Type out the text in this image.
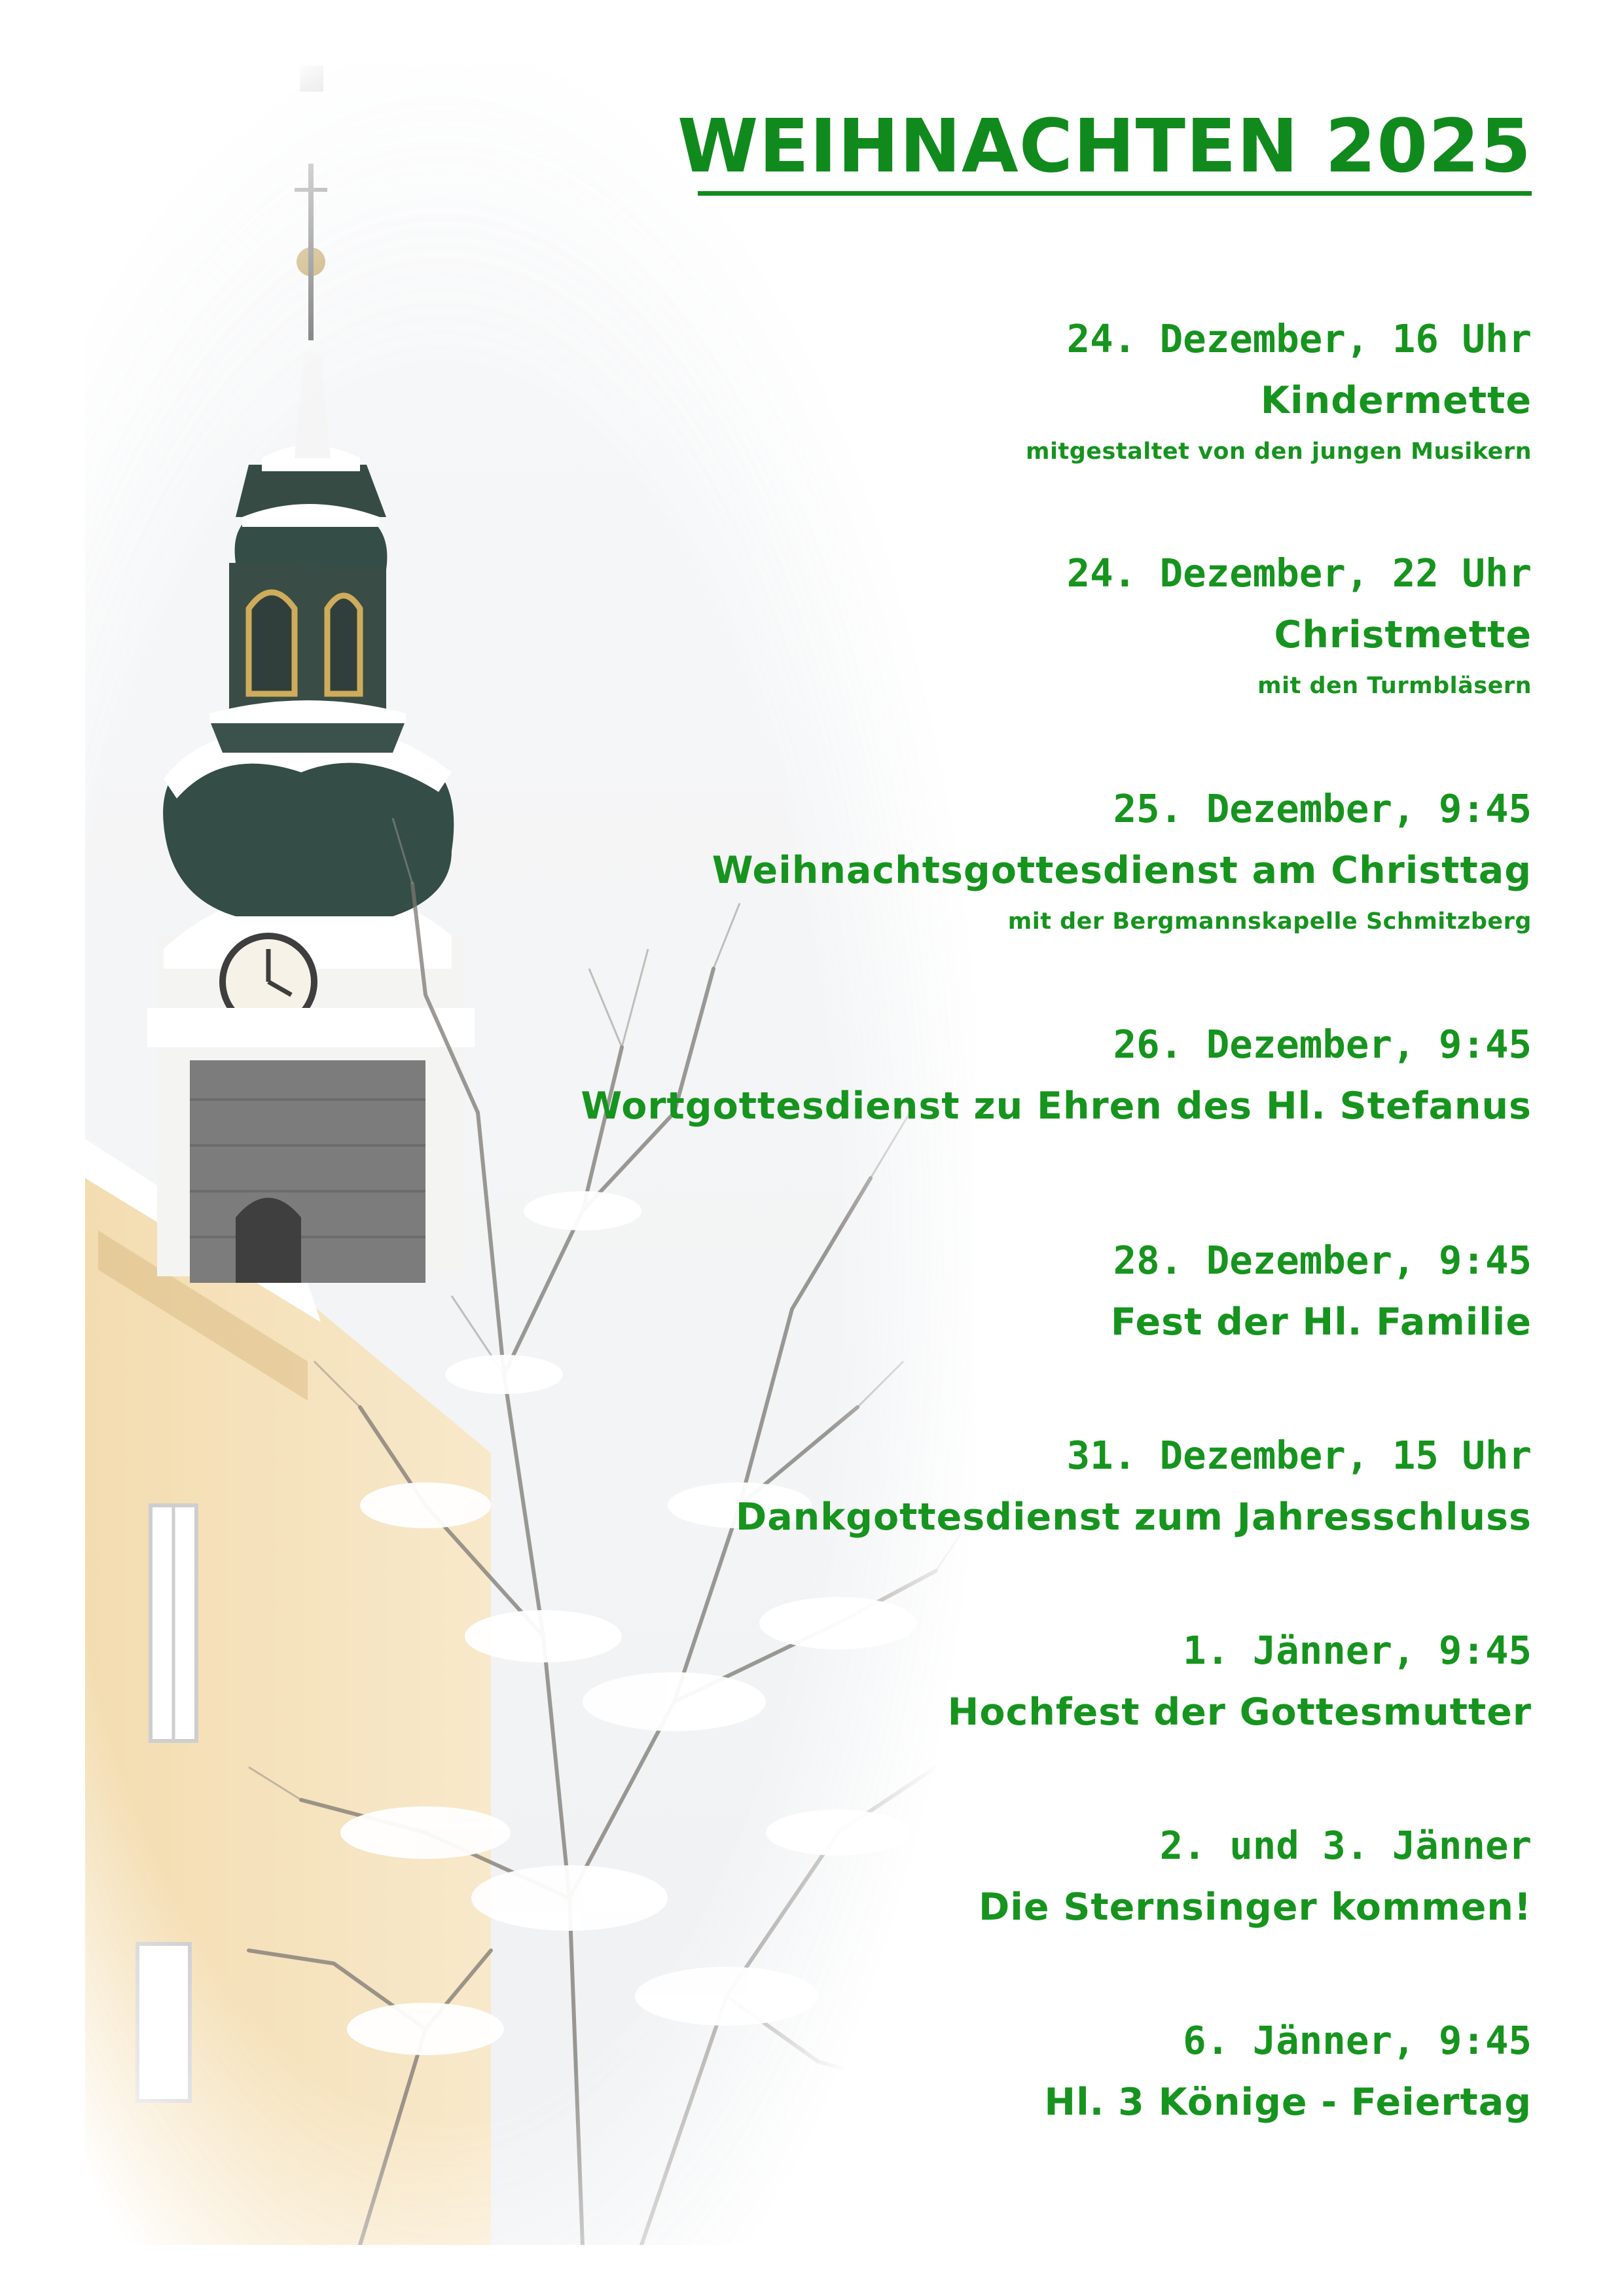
WEIHNACHTEN 2025
24. Dezember, 16 Uhr
Kindermette
mitgestaltet von den jungen Musikern
24. Dezember, 22 Uhr
Christmette
mit den Turmbläsern
25. Dezember, 9:45
Weihnachtsgottesdienst am Christtag
mit der Bergmannskapelle Schmitzberg
26. Dezember, 9:45
Wortgottesdienst zu Ehren des Hl. Stefanus
28. Dezember, 9:45
Fest der Hl. Familie
31. Dezember, 15 Uhr
Dankgottesdienst zum Jahresschluss
1. Jänner, 9:45
Hochfest der Gottesmutter
2. und 3. Jänner
Die Sternsinger kommen!
6. Jänner, 9:45
Hl. 3 Könige - Feiertag
